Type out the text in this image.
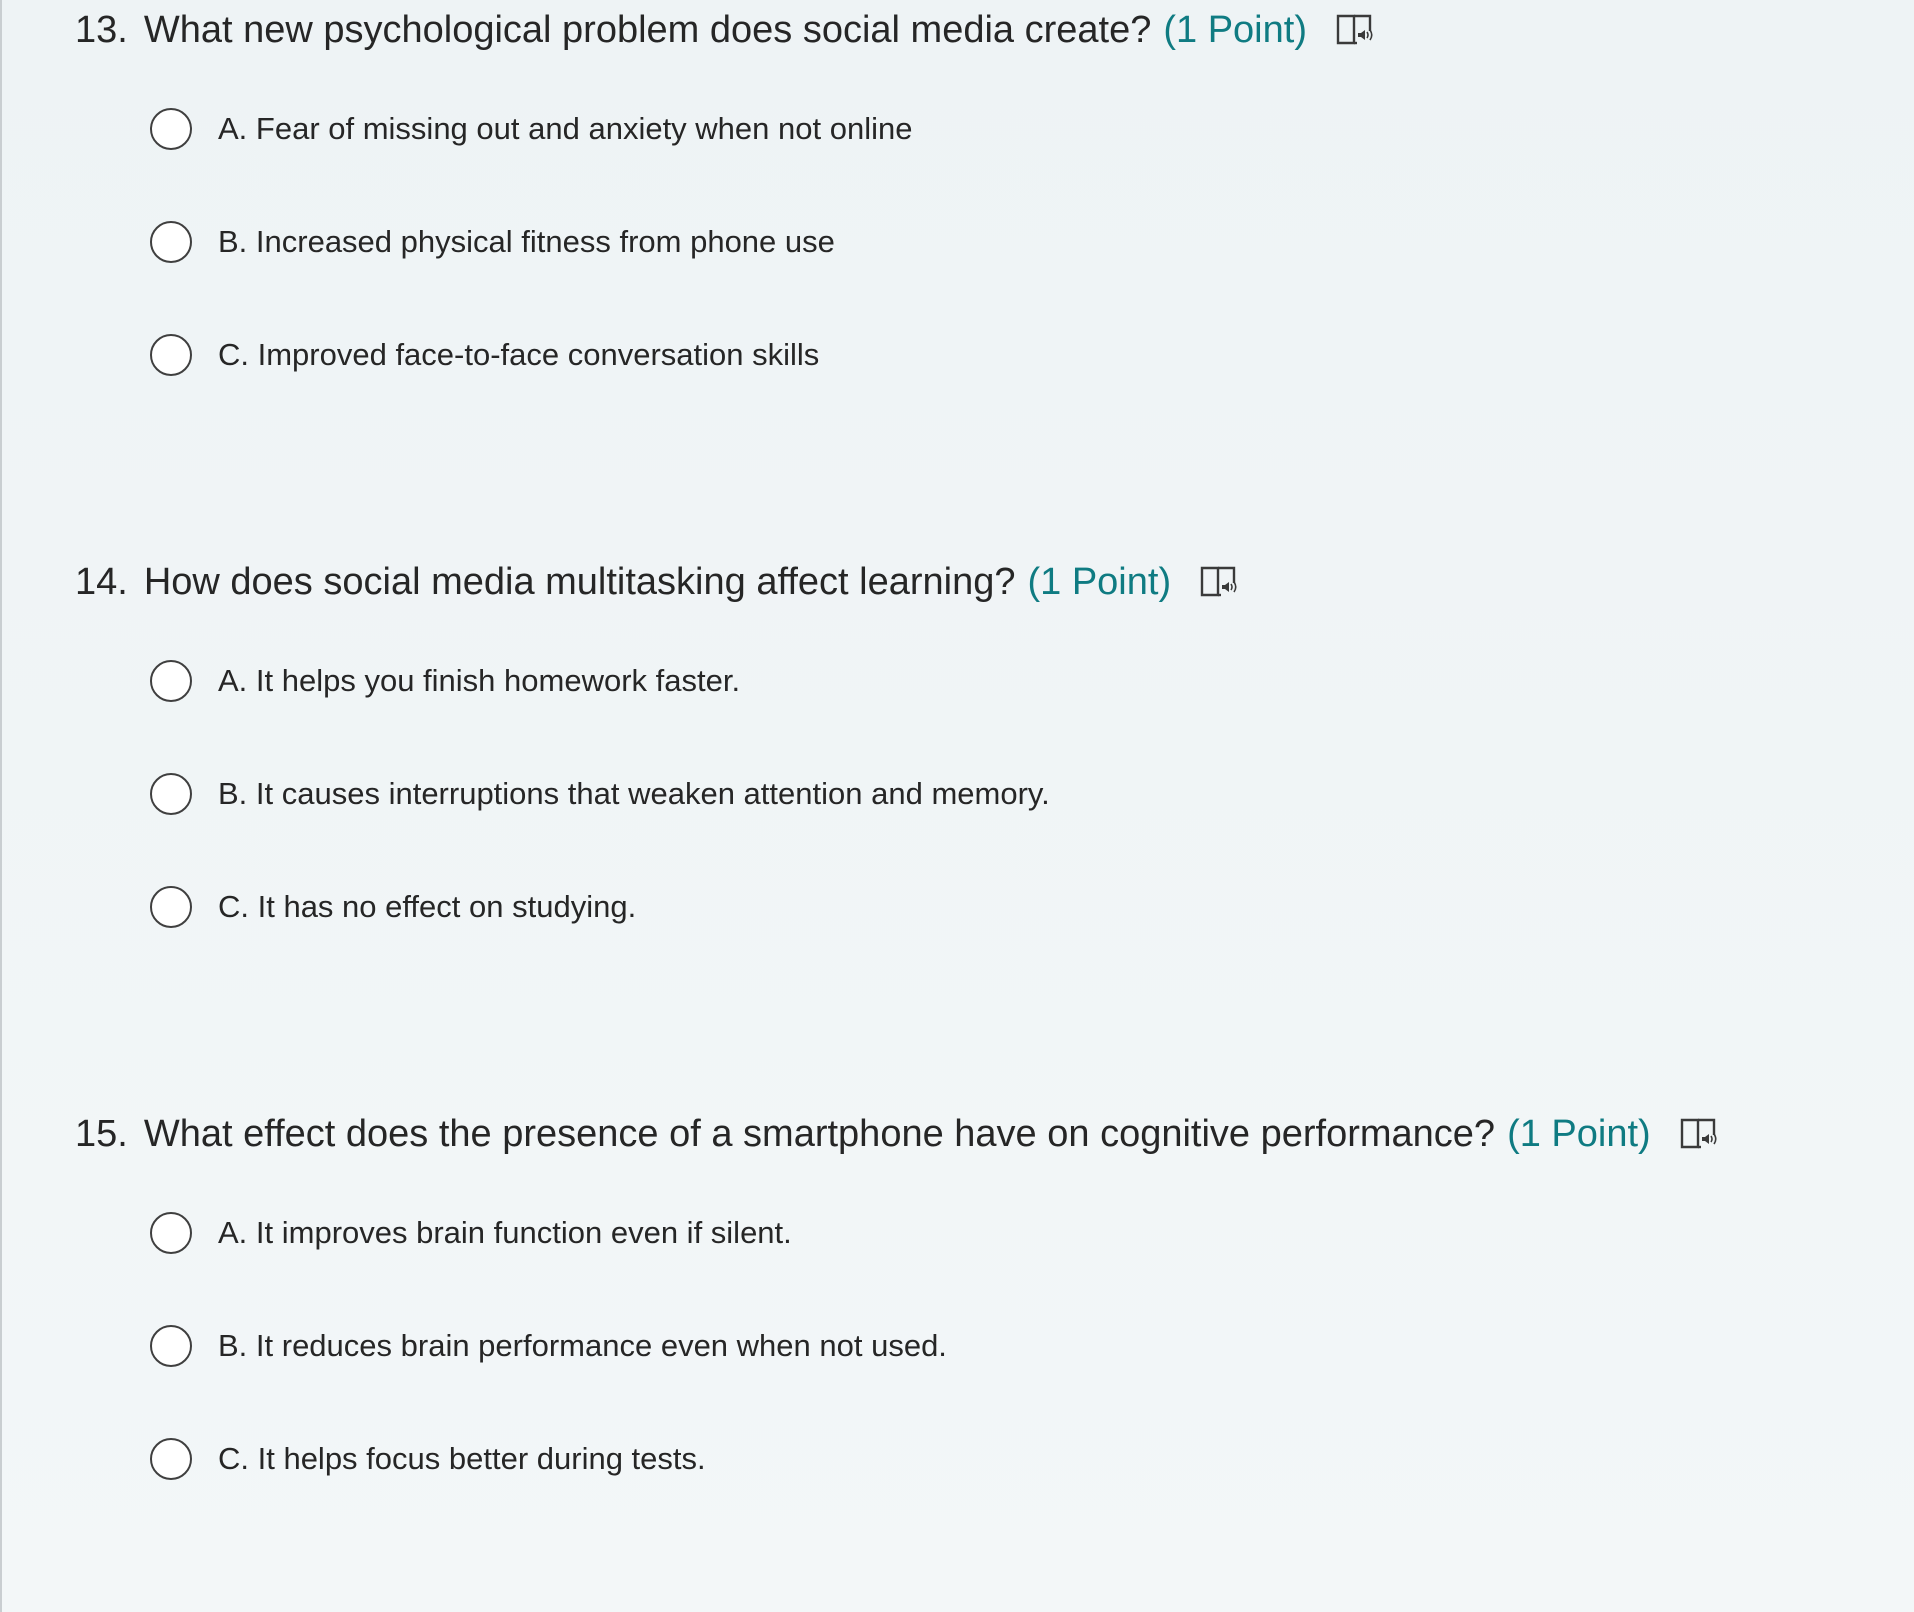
13. What new psychological problem does social media create? (1 Point)
A. Fear of missing out and anxiety when not online
B. Increased physical fitness from phone use
C. Improved face-to-face conversation skills
14. How does social media multitasking affect learning? (1 Point)
A. It helps you finish homework faster.
B. It causes interruptions that weaken attention and memory.
C. It has no effect on studying.
15. What effect does the presence of a smartphone have on cognitive performance? (1 Point)
A. It improves brain function even if silent.
B. It reduces brain performance even when not used.
C. It helps focus better during tests.
